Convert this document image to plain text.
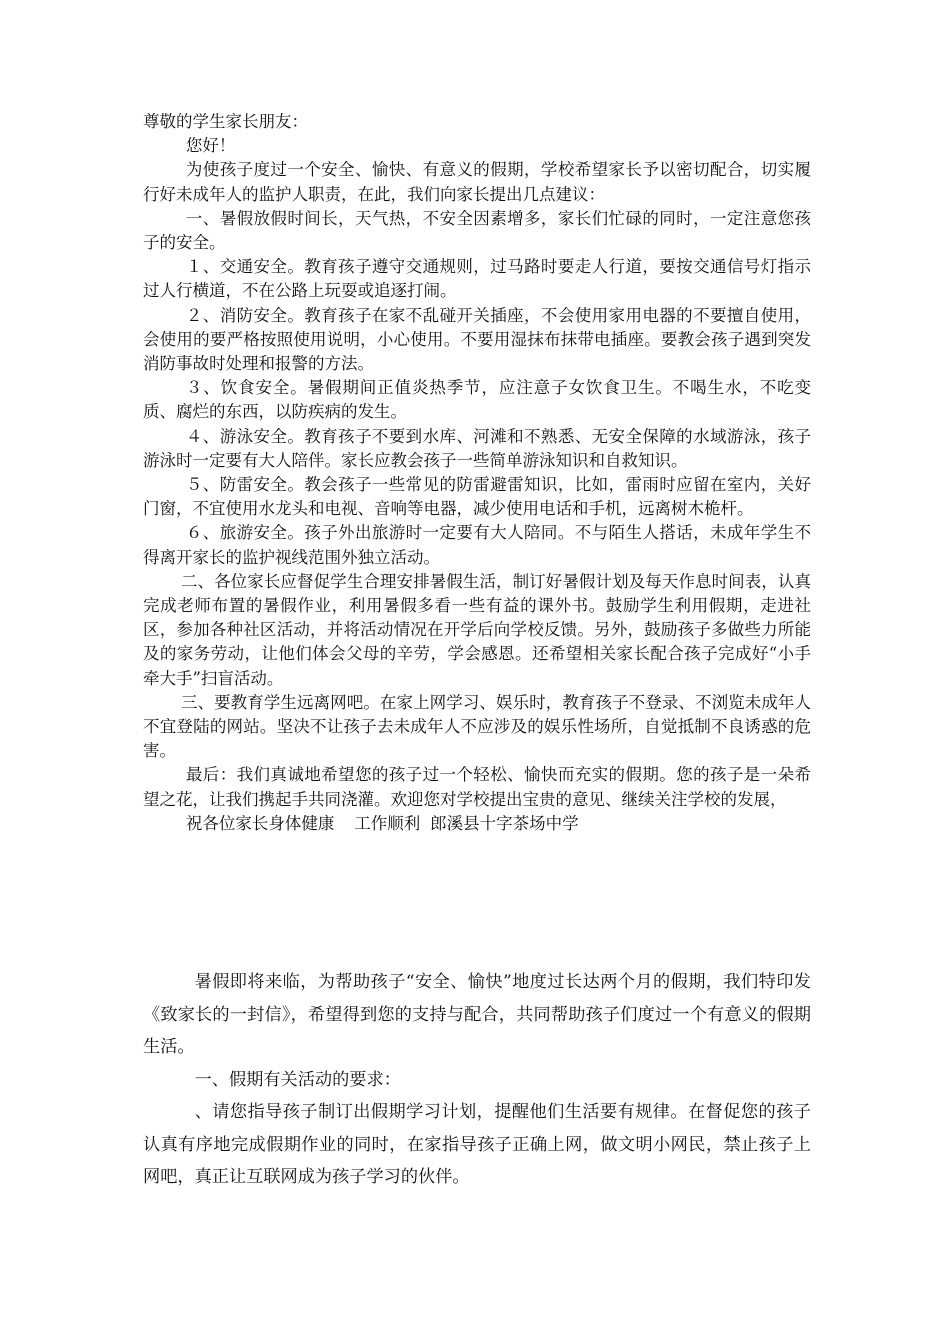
尊敬的学生家长朋友：

您好！

为使孩子度过一个安全、愉快、有意义的假期，学校希望家长予以密切配合，切实履行好未成年人的监护人职责，在此，我们向家长提出几点建议：

一、暑假放假时间长，天气热，不安全因素增多，家长们忙碌的同时，一定注意您孩子的安全。

１、交通安全。教育孩子遵守交通规则，过马路时要走人行道，要按交通信号灯指示过人行横道，不在公路上玩耍或追逐打闹。

２、消防安全。教育孩子在家不乱碰开关插座，不会使用家用电器的不要擅自使用，会使用的要严格按照使用说明，小心使用。不要用湿抹布抹带电插座。要教会孩子遇到突发消防事故时处理和报警的方法。

３、饮食安全。暑假期间正值炎热季节，应注意子女饮食卫生。不喝生水，不吃变质、腐烂的东西，以防疾病的发生。

４、游泳安全。教育孩子不要到水库、河滩和不熟悉、无安全保障的水域游泳，孩子游泳时一定要有大人陪伴。家长应教会孩子一些简单游泳知识和自救知识。

５、防雷安全。教会孩子一些常见的防雷避雷知识，比如，雷雨时应留在室内，关好门窗，不宜使用水龙头和电视、音响等电器，减少使用电话和手机，远离树木桅杆。

６、旅游安全。孩子外出旅游时一定要有大人陪同。不与陌生人搭话，未成年学生不得离开家长的监护视线范围外独立活动。

二、各位家长应督促学生合理安排暑假生活，制订好暑假计划及每天作息时间表，认真完成老师布置的暑假作业，利用暑假多看一些有益的课外书。鼓励学生利用假期，走进社区，参加各种社区活动，并将活动情况在开学后向学校反馈。另外，鼓励孩子多做些力所能及的家务劳动，让他们体会父母的辛劳，学会感恩。还希望相关家长配合孩子完成好“小手牵大手”扫盲活动。

三、要教育学生远离网吧。在家上网学习、娱乐时，教育孩子不登录、不浏览未成年人不宜登陆的网站。坚决不让孩子去未成年人不应涉及的娱乐性场所，自觉抵制不良诱惑的危害。

最后：我们真诚地希望您的孩子过一个轻松、愉快而充实的假期。您的孩子是一朵希望之花，让我们携起手共同浇灌。欢迎您对学校提出宝贵的意见、继续关注学校的发展，

祝各位家长身体健康 工作顺利 郎溪县十字茶场中学

暑假即将来临，为帮助孩子“安全、愉快”地度过长达两个月的假期，我们特印发《致家长的一封信》，希望得到您的支持与配合，共同帮助孩子们度过一个有意义的假期生活。

一、假期有关活动的要求：

、请您指导孩子制订出假期学习计划，提醒他们生活要有规律。在督促您的孩子认真有序地完成假期作业的同时，在家指导孩子正确上网，做文明小网民，禁止孩子上网吧，真正让互联网成为孩子学习的伙伴。
